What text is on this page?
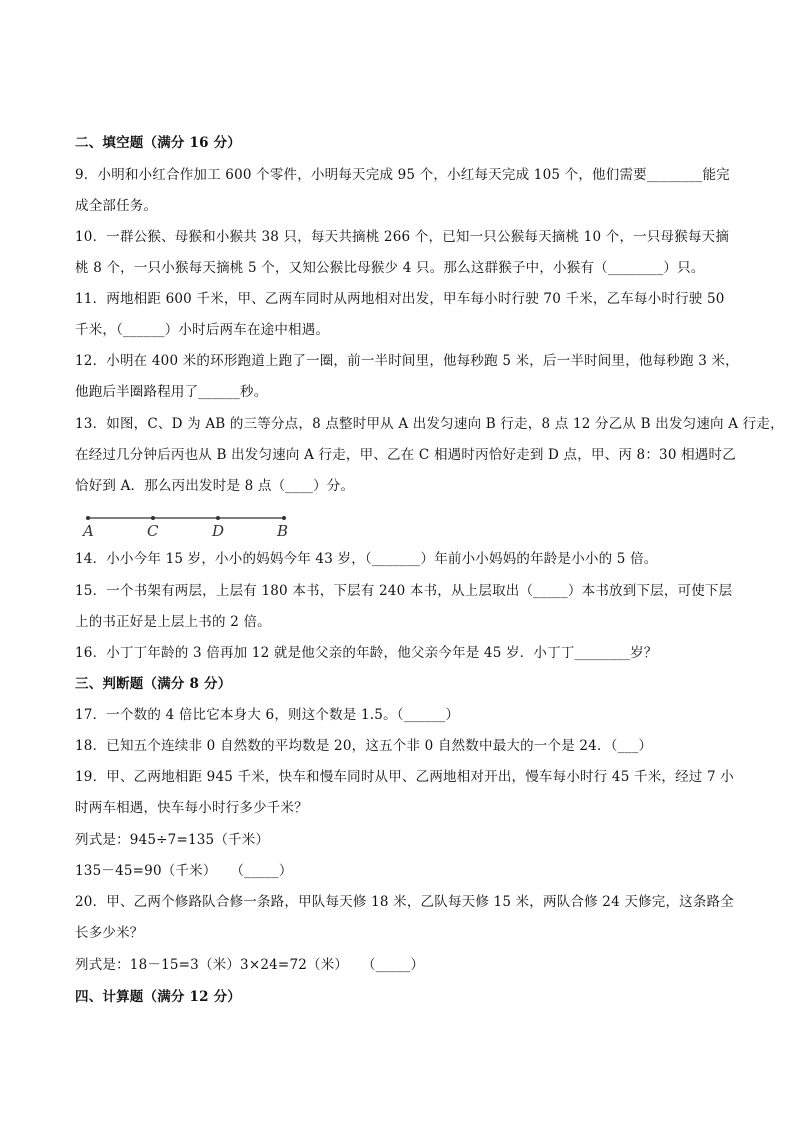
二、填空题（满分 16 分）
9．小明和小红合作加工 600 个零件，小明每天完成 95 个，小红每天完成 105 个，他们需要________能完
成全部任务。
10．一群公猴、母猴和小猴共 38 只，每天共摘桃 266 个，已知一只公猴每天摘桃 10 个，一只母猴每天摘
桃 8 个，一只小猴每天摘桃 5 个，又知公猴比母猴少 4 只。那么这群猴子中，小猴有（________）只。
11．两地相距 600 千米，甲、乙两车同时从两地相对出发，甲车每小时行驶 70 千米，乙车每小时行驶 50
千米，（______）小时后两车在途中相遇。
12．小明在 400 米的环形跑道上跑了一圈，前一半时间里，他每秒跑 5 米，后一半时间里，他每秒跑 3 米，
他跑后半圈路程用了______秒。
13．如图，C、D 为 AB 的三等分点，8 点整时甲从 A 出发匀速向 B 行走，8 点 12 分乙从 B 出发匀速向 A 行走，
在经过几分钟后丙也从 B 出发匀速向 A 行走，甲、乙在 C 相遇时丙恰好走到 D 点，甲、丙 8：30 相遇时乙
恰好到 A．那么丙出发时是 8 点（____）分。
A	C	D	B
14．小小今年 15 岁，小小的妈妈今年 43 岁，（_______）年前小小妈妈的年龄是小小的 5 倍。
15．一个书架有两层，上层有 180 本书，下层有 240 本书，从上层取出（_____）本书放到下层，可使下层
上的书正好是上层上书的 2 倍。
16．小丁丁年龄的 3 倍再加 12 就是他父亲的年龄，他父亲今年是 45 岁．小丁丁________岁？
三、判断题（满分 8 分）
17．一个数的 4 倍比它本身大 6，则这个数是 1.5。（______）
18．已知五个连续非 0 自然数的平均数是 20，这五个非 0 自然数中最大的一个是 24．（___）
19．甲、乙两地相距 945 千米，快车和慢车同时从甲、乙两地相对开出，慢车每小时行 45 千米，经过 7 小
时两车相遇，快车每小时行多少千米？
列式是：945÷7=135（千米）
135－45=90（千米）　　（_____）
20．甲、乙两个修路队合修一条路，甲队每天修 18 米，乙队每天修 15 米，两队合修 24 天修完，这条路全
长多少米？
列式是：18－15=3（米）3×24=72（米）　　（_____）
四、计算题（满分 12 分）
